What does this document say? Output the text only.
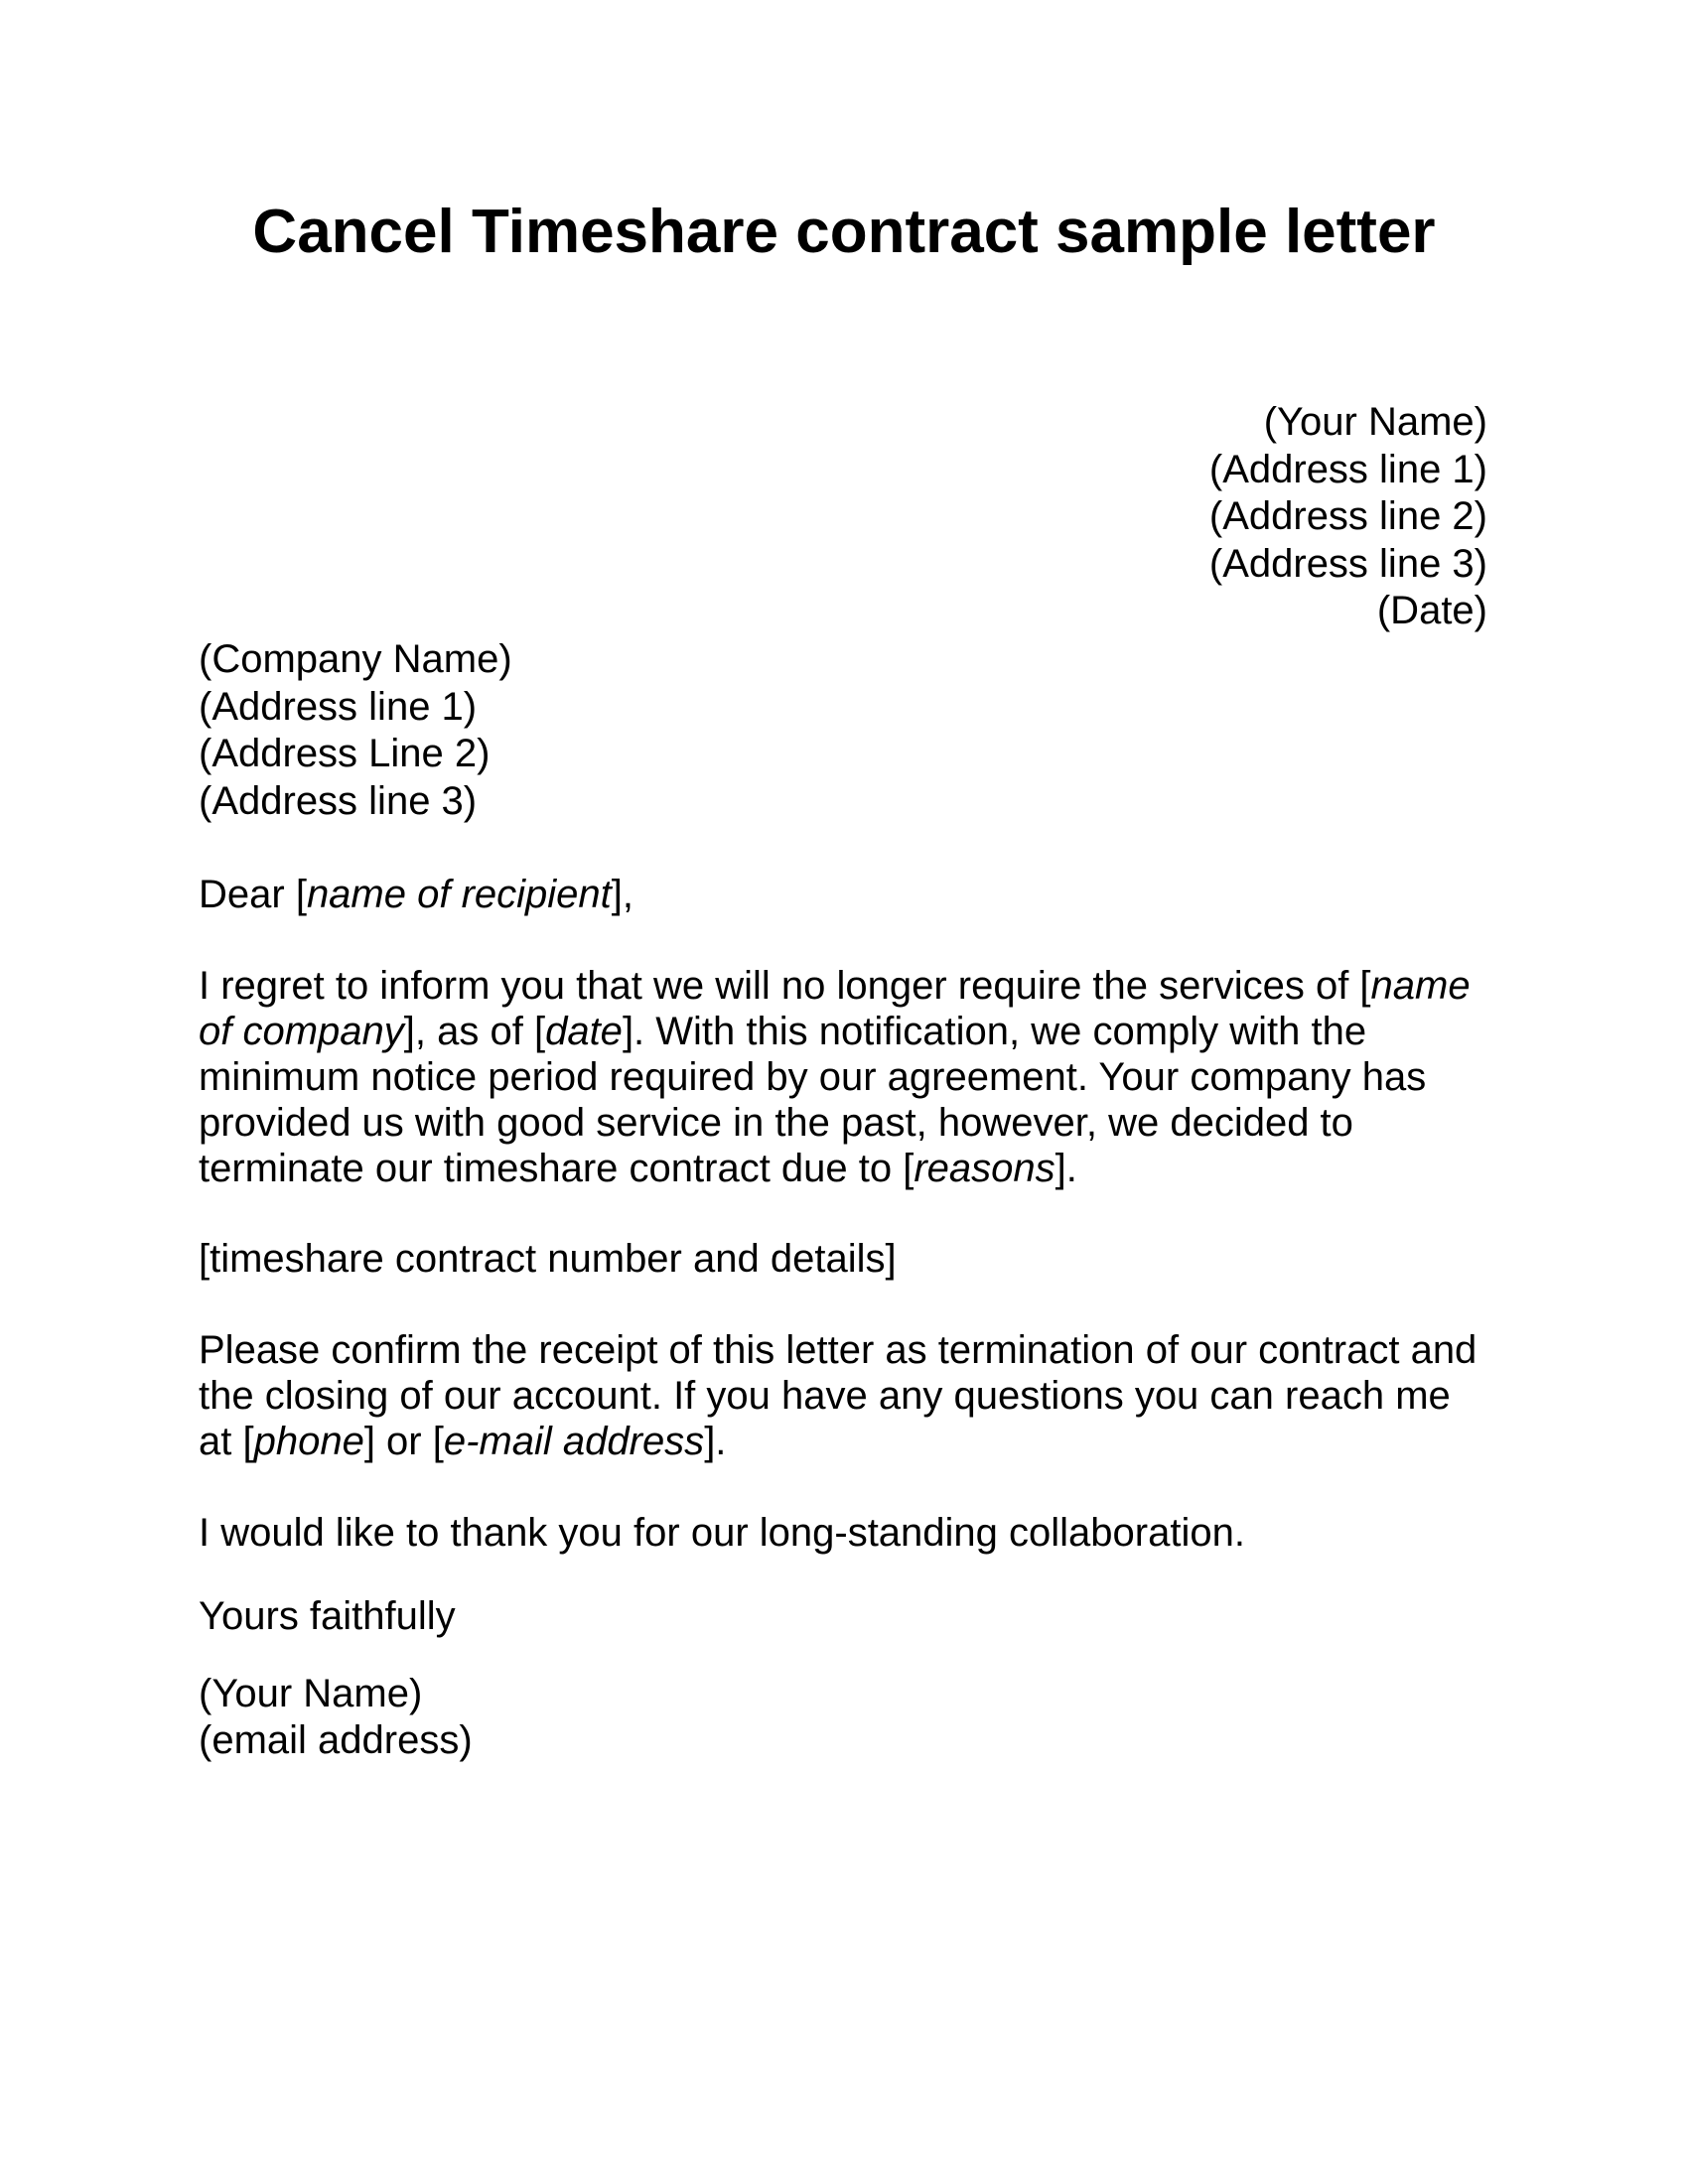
Cancel Timeshare contract sample letter
(Your Name)
(Address line 1)
(Address line 2)
(Address line 3)
(Date)
(Company Name)
(Address line 1)
(Address Line 2)
(Address line 3)

Dear [name of recipient],

I regret to inform you that we will no longer require the services of [name
of company], as of [date]. With this notification, we comply with the
minimum notice period required by our agreement. Your company has
provided us with good service in the past, however, we decided to
terminate our timeshare contract due to [reasons].

[timeshare contract number and details]

Please confirm the receipt of this letter as termination of our contract and
the closing of our account. If you have any questions you can reach me
at [phone] or [e-mail address].

I would like to thank you for our long-standing collaboration.

Yours faithfully

(Your Name)
(email address)
